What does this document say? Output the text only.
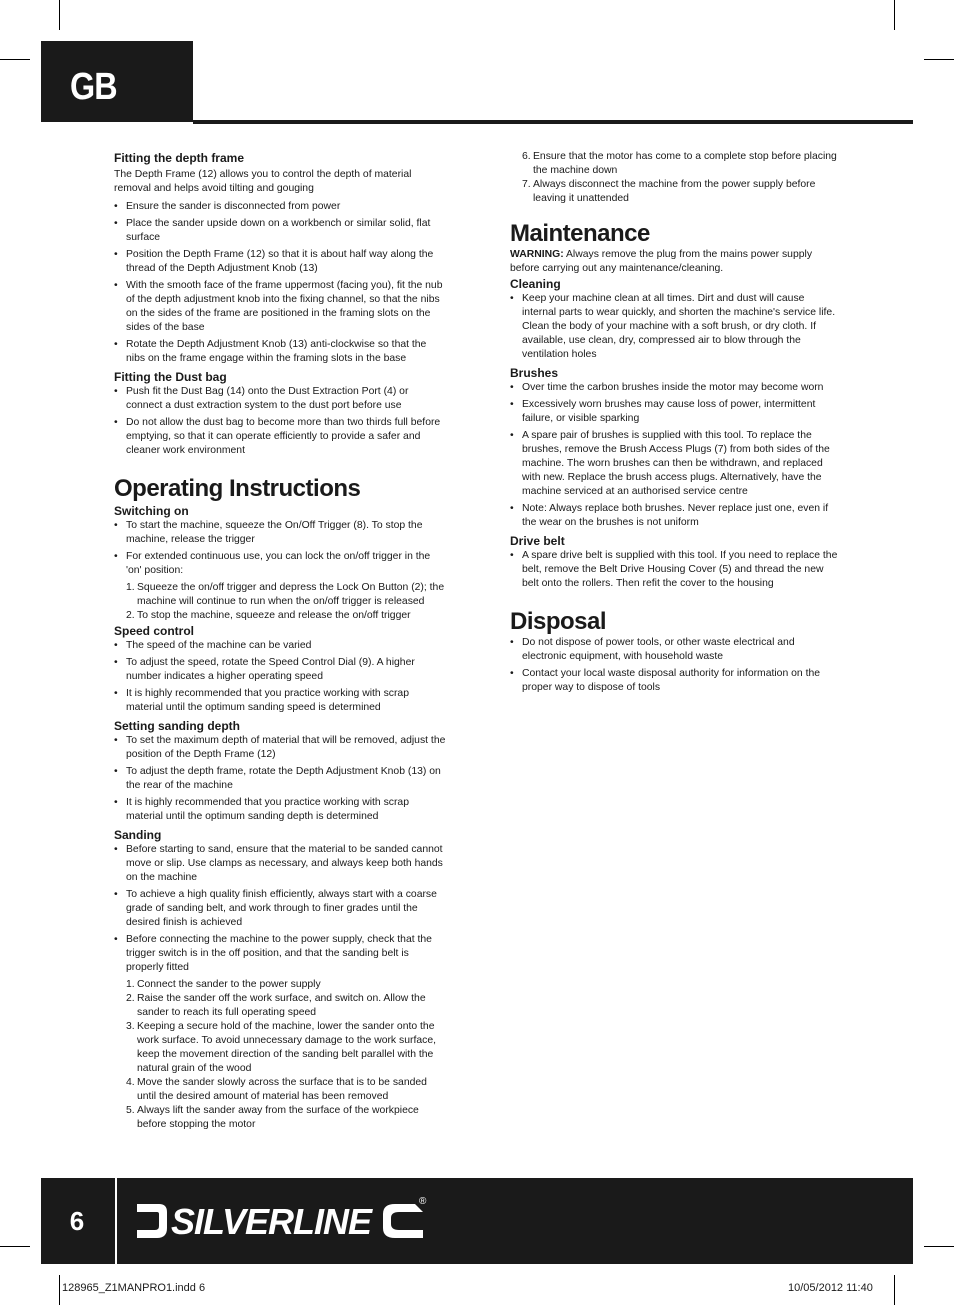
GB
Fitting the depth frame

The Depth Frame (12) allows you to control the depth of material removal and helps avoid tilting and gouging

• Ensure the sander is disconnected from power
• Place the sander upside down on a workbench or similar solid, flat surface
• Position the Depth Frame (12) so that it is about half way along the thread of the Depth Adjustment Knob (13)
• With the smooth face of the frame uppermost (facing you), fit the nub of the depth adjustment knob into the fixing channel, so that the nibs on the sides of the frame are positioned in the framing slots on the sides of the base
• Rotate the Depth Adjustment Knob (13) anti-clockwise so that the nibs on the frame engage within the framing slots in the base
Fitting the Dust bag
• Push fit the Dust Bag (14) onto the Dust Extraction Port (4) or connect a dust extraction system to the dust port before use
• Do not allow the dust bag to become more than two thirds full before emptying, so that it can operate efficiently to provide a safer and cleaner work environment
Operating Instructions
Switching on
• To start the machine, squeeze the On/Off Trigger (8). To stop the machine, release the trigger
• For extended continuous use, you can lock the on/off trigger in the 'on' position:
1. Squeeze the on/off trigger and depress the Lock On Button (2); the machine will continue to run when the on/off trigger is released
2. To stop the machine, squeeze and release the on/off trigger
Speed control
• The speed of the machine can be varied
• To adjust the speed, rotate the Speed Control Dial (9). A higher number indicates a higher operating speed
• It is highly recommended that you practice working with scrap material until the optimum sanding speed is determined
Setting sanding depth
• To set the maximum depth of material that will be removed, adjust the position of the Depth Frame (12)
• To adjust the depth frame, rotate the Depth Adjustment Knob (13) on the rear of the machine
• It is highly recommended that you practice working with scrap material until the optimum sanding depth is determined
Sanding
• Before starting to sand, ensure that the material to be sanded cannot move or slip. Use clamps as necessary, and always keep both hands on the machine
• To achieve a high quality finish efficiently, always start with a coarse grade of sanding belt, and work through to finer grades until the desired finish is achieved
• Before connecting the machine to the power supply, check that the trigger switch is in the off position, and that the sanding belt is properly fitted
1. Connect the sander to the power supply
2. Raise the sander off the work surface, and switch on. Allow the sander to reach its full operating speed
3. Keeping a secure hold of the machine, lower the sander onto the work surface. To avoid unnecessary damage to the work surface, keep the movement direction of the sanding belt parallel with the natural grain of the wood
4. Move the sander slowly across the surface that is to be sanded until the desired amount of material has been removed
5. Always lift the sander away from the surface of the workpiece before stopping the motor
6. Ensure that the motor has come to a complete stop before placing the machine down
7. Always disconnect the machine from the power supply before leaving it unattended
Maintenance

WARNING: Always remove the plug from the mains power supply before carrying out any maintenance/cleaning.

Cleaning
• Keep your machine clean at all times. Dirt and dust will cause internal parts to wear quickly, and shorten the machine's service life. Clean the body of your machine with a soft brush, or dry cloth. If available, use clean, dry, compressed air to blow through the ventilation holes
Brushes
• Over time the carbon brushes inside the motor may become worn
• Excessively worn brushes may cause loss of power, intermittent failure, or visible sparking
• A spare pair of brushes is supplied with this tool. To replace the brushes, remove the Brush Access Plugs (7) from both sides of the machine. The worn brushes can then be withdrawn, and replaced with new. Replace the brush access plugs. Alternatively, have the machine serviced at an authorised service centre
• Note: Always replace both brushes. Never replace just one, even if the wear on the brushes is not uniform
Drive belt
• A spare drive belt is supplied with this tool. If you need to replace the belt, remove the Belt Drive Housing Cover (5) and thread the new belt onto the rollers. Then refit the cover to the housing
Disposal
• Do not dispose of power tools, or other waste electrical and electronic equipment, with household waste
• Contact your local waste disposal authority for information on the proper way to dispose of tools
6	SILVERLINE	®
128965_Z1MANPRO1.indd 6	10/05/2012 11:40
